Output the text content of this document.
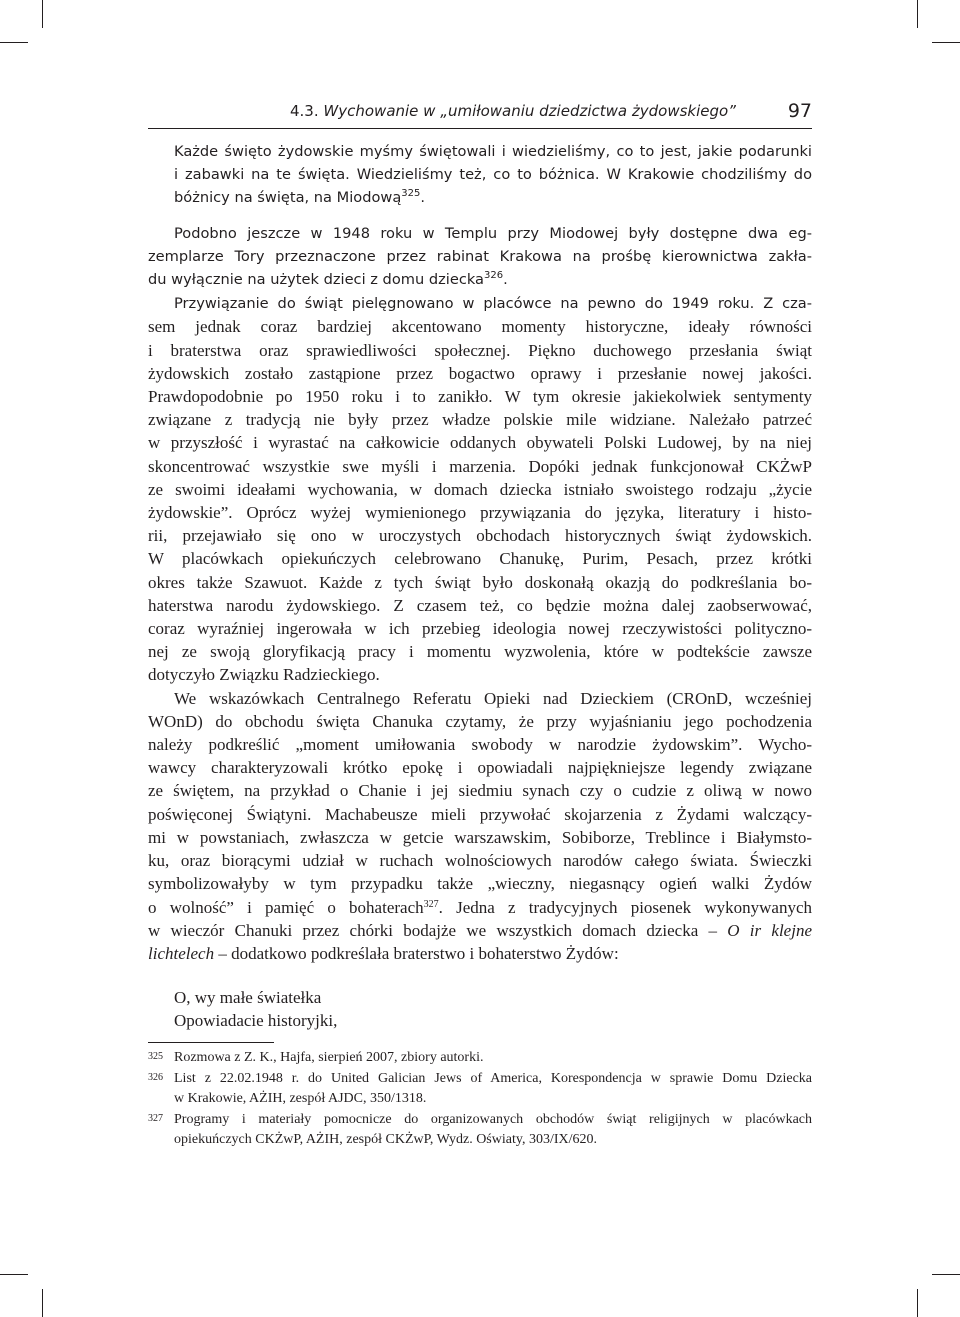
4.3. Wychowanie w „umiłowaniu dziedzictwa żydowskiego”	97
Każde święto żydowskie myśmy świętowali i wiedzieliśmy, co to jest, jakie podarunki
i zabawki na te święta. Wiedzieliśmy też, co to bóżnica. W Krakowie chodziliśmy do
bóżnicy na święta, na Miodową$^{325}$.
Podobno jeszcze w 1948 roku w Templu przy Miodowej były dostępne dwa eg-
zemplarze Tory przeznaczone przez rabinat Krakowa na prośbę kierownictwa zakła-
du wyłącznie na użytek dzieci z domu dziecka$^{326}$.
Przywiązanie do świąt pielęgnowano w placówce na pewno do 1949 roku. Z cza-
sem jednak coraz bardziej akcentowano momenty historyczne, ideały równości
i braterstwa oraz sprawiedliwości społecznej. Piękno duchowego przesłania świąt
żydowskich zostało zastąpione przez bogactwo oprawy i przesłanie nowej jakości.
Prawdopodobnie po 1950 roku i to zanikło. W tym okresie jakiekolwiek sentymenty
związane z tradycją nie były przez władze polskie mile widziane. Należało patrzeć
w przyszłość i wyrastać na całkowicie oddanych obywateli Polski Ludowej, by na niej
skoncentrować wszystkie swe myśli i marzenia. Dopóki jednak funkcjonował CKŻwP
ze swoimi ideałami wychowania, w domach dziecka istniało swoistego rodzaju „życie
żydowskie”. Oprócz wyżej wymienionego przywiązania do języka, literatury i histo-
rii, przejawiało się ono w uroczystych obchodach historycznych świąt żydowskich.
W placówkach opiekuńczych celebrowano Chanukę, Purim, Pesach, przez krótki
okres także Szawuot. Każde z tych świąt było doskonałą okazją do podkreślania bo-
haterstwa narodu żydowskiego. Z czasem też, co będzie można dalej zaobserwować,
coraz wyraźniej ingerowała w ich przebieg ideologia nowej rzeczywistości polityczno-
nej ze swoją gloryfikacją pracy i momentu wyzwolenia, które w podtekście zawsze
dotyczyło Związku Radzieckiego.
We wskazówkach Centralnego Referatu Opieki nad Dzieckiem (CROnD, wcześniej
WOnD) do obchodu święta Chanuka czytamy, że przy wyjaśnianiu jego pochodzenia
należy podkreślić „moment umiłowania swobody w narodzie żydowskim”. Wycho-
wawcy charakteryzowali krótko epokę i opowiadali najpiękniejsze legendy związane
ze świętem, na przykład o Chanie i jej siedmiu synach czy o cudzie z oliwą w nowo
poświęconej Świątyni. Machabeusze mieli przywołać skojarzenia z Żydami walczący-
mi w powstaniach, zwłaszcza w getcie warszawskim, Sobiborze, Treblince i Białymsto-
ku, oraz biorącymi udział w ruchach wolnościowych narodów całego świata. Świeczki
symbolizowałyby w tym przypadku także „wieczny, niegasnący ogień walki Żydów
o wolność” i pamięć o bohaterach$^{327}$. Jedna z tradycyjnych piosenek wykonywanych
w wieczór Chanuki przez chórki bodajże we wszystkich domach dziecka – O ir klejne
lichtelech – dodatkowo podkreślała braterstwo i bohaterstwo Żydów:
O, wy małe światełka
Opowiadacie historyjki,
325 Rozmowa z Z. K., Hajfa, sierpień 2007, zbiory autorki.
326 List z 22.02.1948 r. do United Galician Jews of America, Korespondencja w sprawie Domu Dziecka
w Krakowie, AŻIH, zespół AJDC, 350/1318.
327 Programy i materiały pomocnicze do organizowanych obchodów świąt religijnych w placówkach
opiekuńczych CKŻwP, AŻIH, zespół CKŻwP, Wydz. Oświaty, 303/IX/620.
